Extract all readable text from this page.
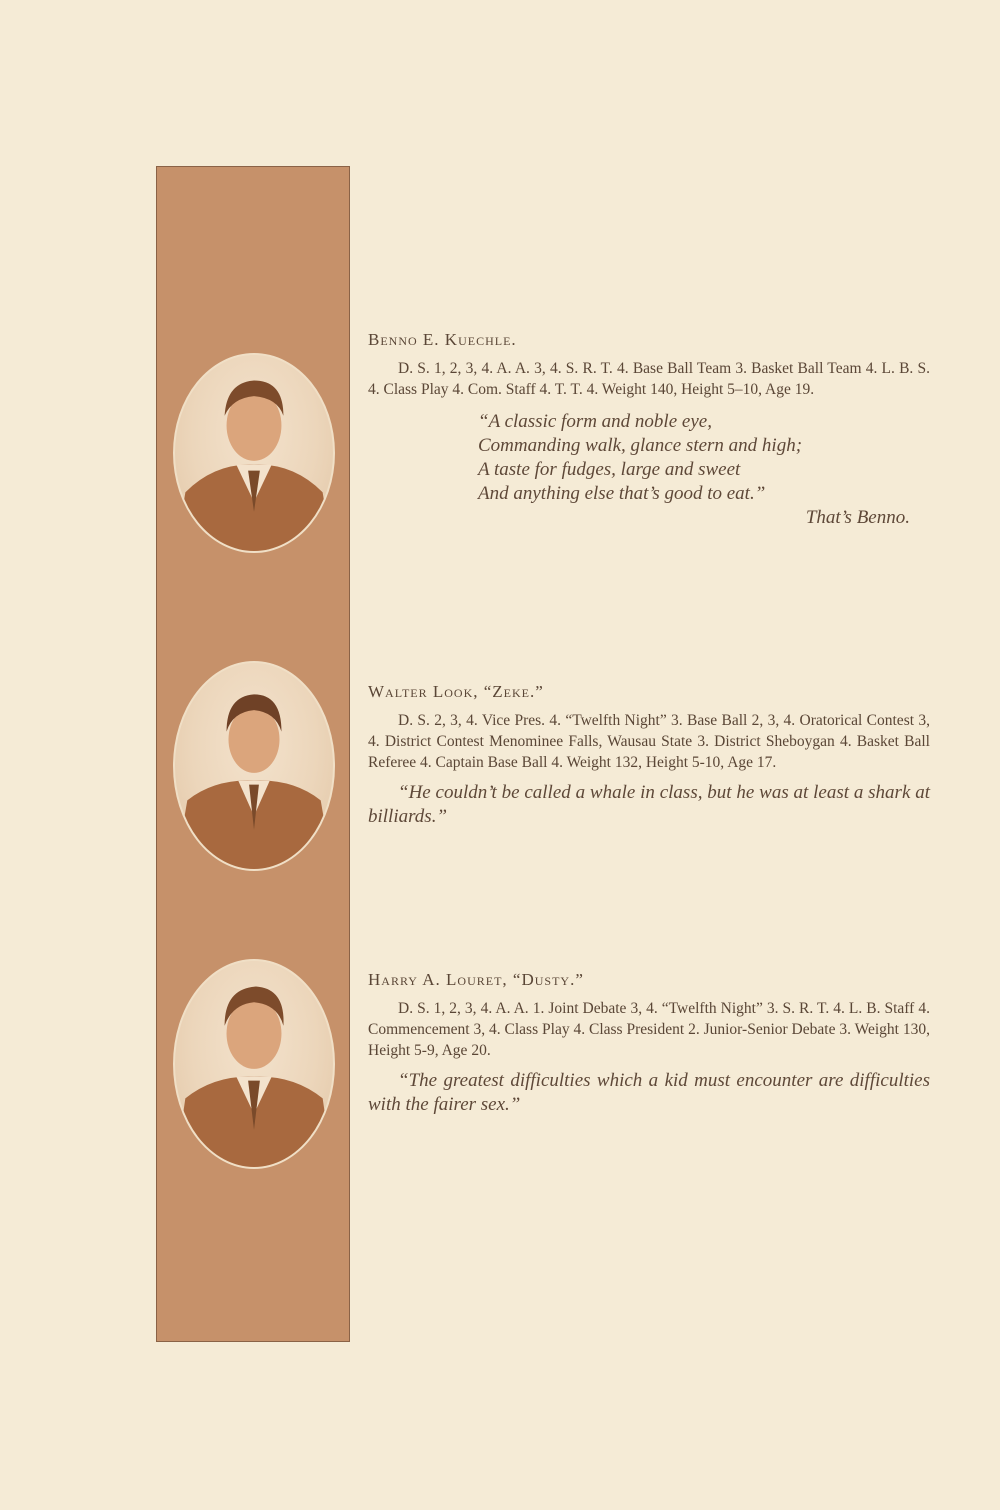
Benno E. Kuechle.

D. S. 1, 2, 3, 4. A. A. 3, 4. S. R. T. 4. Base Ball Team 3. Basket Ball Team 4. L. B. S. 4. Class Play 4. Com. Staff 4. T. T. 4. Weight 140, Height 5–10, Age 19.

“A classic form and noble eye,
Commanding walk, glance stern and high;
A taste for fudges, large and sweet
And anything else that’s good to eat.”
That’s Benno.

Walter Look, “Zeke.”

D. S. 2, 3, 4. Vice Pres. 4. “Twelfth Night” 3. Base Ball 2, 3, 4. Oratorical Contest 3, 4. District Contest Menominee Falls, Wausau State 3. District Sheboygan 4. Basket Ball Referee 4. Captain Base Ball 4. Weight 132, Height 5-10, Age 17.

“He couldn’t be called a whale in class, but he was at least a shark at billiards.”

Harry A. Louret, “Dusty.”

D. S. 1, 2, 3, 4. A. A. 1. Joint Debate 3, 4. “Twelfth Night” 3. S. R. T. 4. L. B. Staff 4. Commencement 3, 4. Class Play 4. Class President 2. Junior-Senior Debate 3. Weight 130, Height 5-9, Age 20.

“The greatest difficulties which a kid must encounter are difficulties with the fairer sex.”
